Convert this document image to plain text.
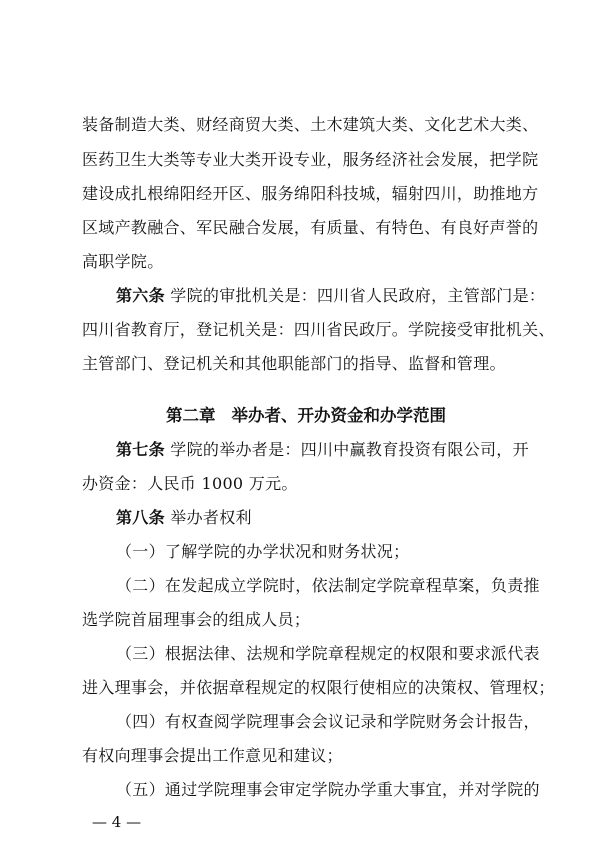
装备制造大类、财经商贸大类、土木建筑大类、文化艺术大类、
医药卫生大类等专业大类开设专业，服务经济社会发展，把学院
建设成扎根绵阳经开区、服务绵阳科技城，辐射四川，助推地方
区域产教融合、军民融合发展，有质量、有特色、有良好声誉的
高职学院。
第六条 学院的审批机关是：四川省人民政府，主管部门是：
四川省教育厅，登记机关是：四川省民政厅。学院接受审批机关、
主管部门、登记机关和其他职能部门的指导、监督和管理。
第二章 举办者、开办资金和办学范围
第七条 学院的举办者是：四川中赢教育投资有限公司，开
办资金：人民币 1000 万元。
第八条 举办者权利
（一）了解学院的办学状况和财务状况；
（二）在发起成立学院时，依法制定学院章程草案，负责推
选学院首届理事会的组成人员；
（三）根据法律、法规和学院章程规定的权限和要求派代表
进入理事会，并依据章程规定的权限行使相应的决策权、管理权；
（四）有权查阅学院理事会会议记录和学院财务会计报告，
有权向理事会提出工作意见和建议；
（五）通过学院理事会审定学院办学重大事宜，并对学院的
— 4 —
